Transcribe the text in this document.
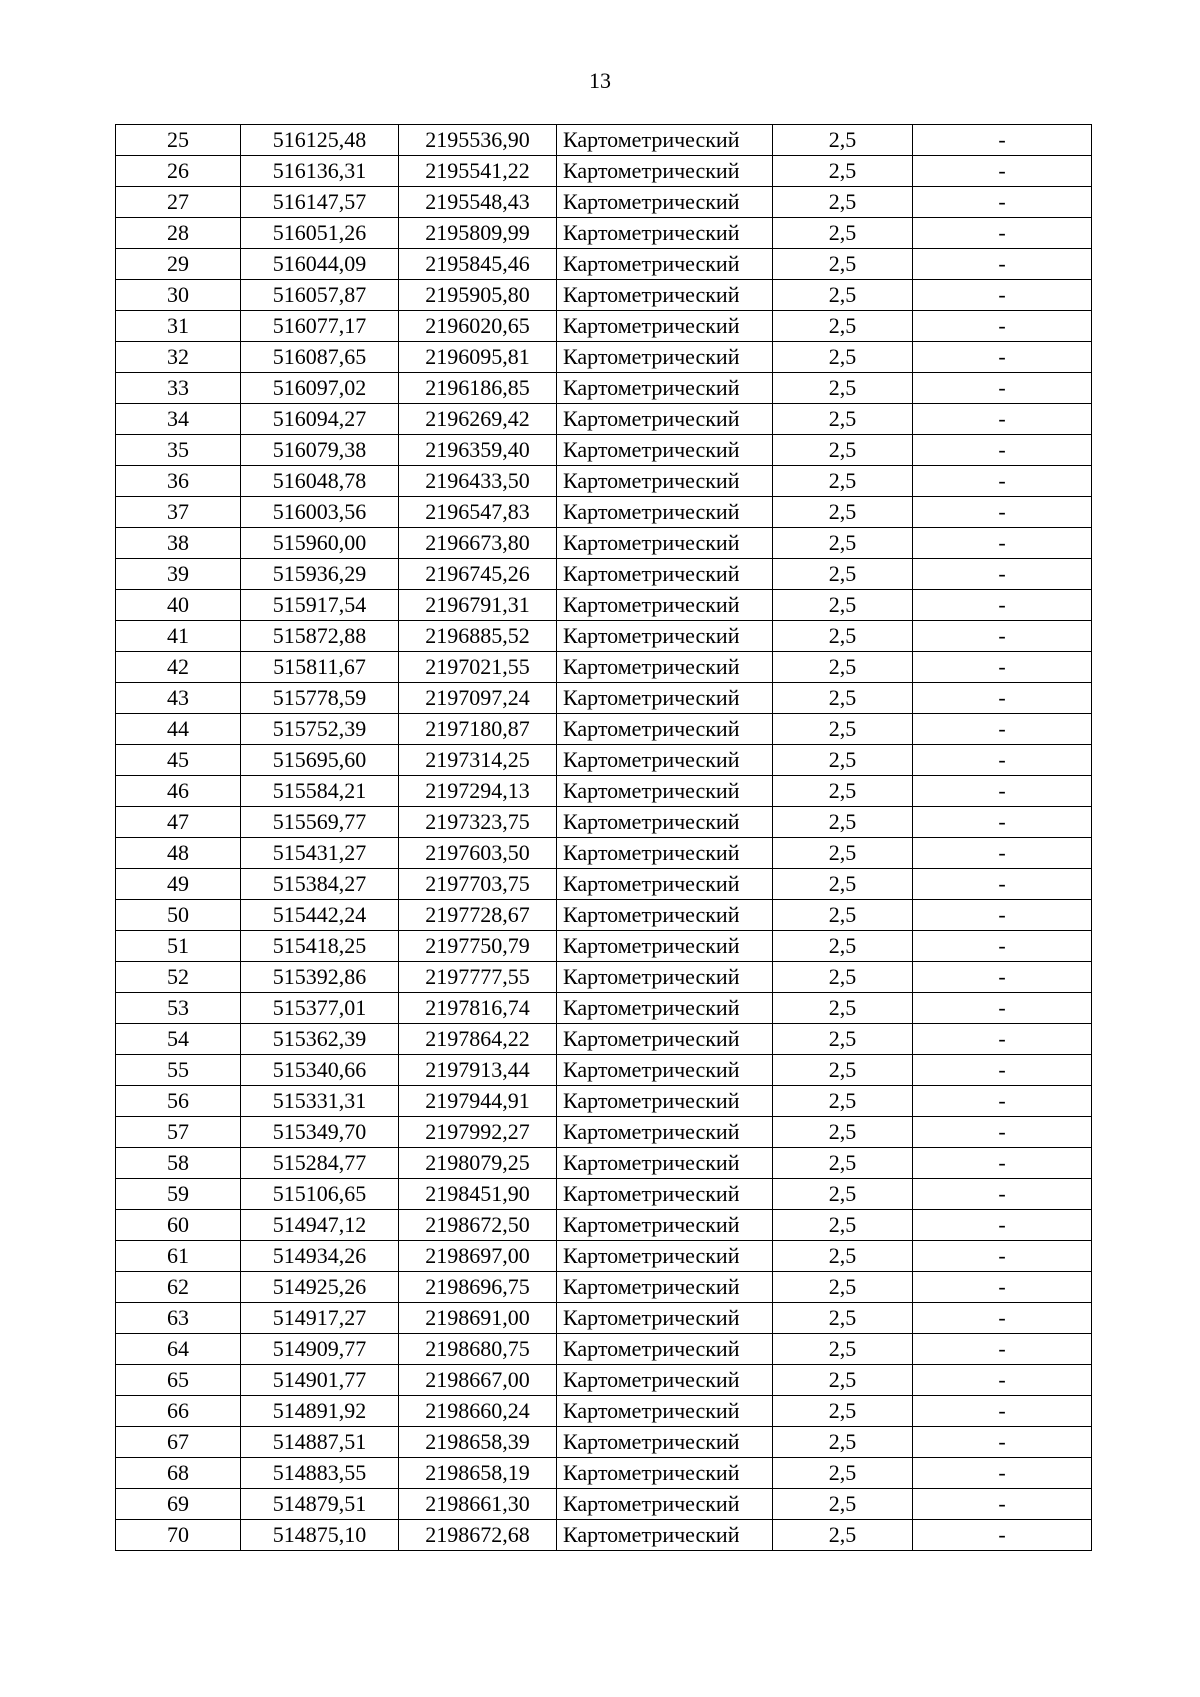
13
25	516125,48	2195536,90	Картометрический	2,5	-
26	516136,31	2195541,22	Картометрический	2,5	-
27	516147,57	2195548,43	Картометрический	2,5	-
28	516051,26	2195809,99	Картометрический	2,5	-
29	516044,09	2195845,46	Картометрический	2,5	-
30	516057,87	2195905,80	Картометрический	2,5	-
31	516077,17	2196020,65	Картометрический	2,5	-
32	516087,65	2196095,81	Картометрический	2,5	-
33	516097,02	2196186,85	Картометрический	2,5	-
34	516094,27	2196269,42	Картометрический	2,5	-
35	516079,38	2196359,40	Картометрический	2,5	-
36	516048,78	2196433,50	Картометрический	2,5	-
37	516003,56	2196547,83	Картометрический	2,5	-
38	515960,00	2196673,80	Картометрический	2,5	-
39	515936,29	2196745,26	Картометрический	2,5	-
40	515917,54	2196791,31	Картометрический	2,5	-
41	515872,88	2196885,52	Картометрический	2,5	-
42	515811,67	2197021,55	Картометрический	2,5	-
43	515778,59	2197097,24	Картометрический	2,5	-
44	515752,39	2197180,87	Картометрический	2,5	-
45	515695,60	2197314,25	Картометрический	2,5	-
46	515584,21	2197294,13	Картометрический	2,5	-
47	515569,77	2197323,75	Картометрический	2,5	-
48	515431,27	2197603,50	Картометрический	2,5	-
49	515384,27	2197703,75	Картометрический	2,5	-
50	515442,24	2197728,67	Картометрический	2,5	-
51	515418,25	2197750,79	Картометрический	2,5	-
52	515392,86	2197777,55	Картометрический	2,5	-
53	515377,01	2197816,74	Картометрический	2,5	-
54	515362,39	2197864,22	Картометрический	2,5	-
55	515340,66	2197913,44	Картометрический	2,5	-
56	515331,31	2197944,91	Картометрический	2,5	-
57	515349,70	2197992,27	Картометрический	2,5	-
58	515284,77	2198079,25	Картометрический	2,5	-
59	515106,65	2198451,90	Картометрический	2,5	-
60	514947,12	2198672,50	Картометрический	2,5	-
61	514934,26	2198697,00	Картометрический	2,5	-
62	514925,26	2198696,75	Картометрический	2,5	-
63	514917,27	2198691,00	Картометрический	2,5	-
64	514909,77	2198680,75	Картометрический	2,5	-
65	514901,77	2198667,00	Картометрический	2,5	-
66	514891,92	2198660,24	Картометрический	2,5	-
67	514887,51	2198658,39	Картометрический	2,5	-
68	514883,55	2198658,19	Картометрический	2,5	-
69	514879,51	2198661,30	Картометрический	2,5	-
70	514875,10	2198672,68	Картометрический	2,5	-
